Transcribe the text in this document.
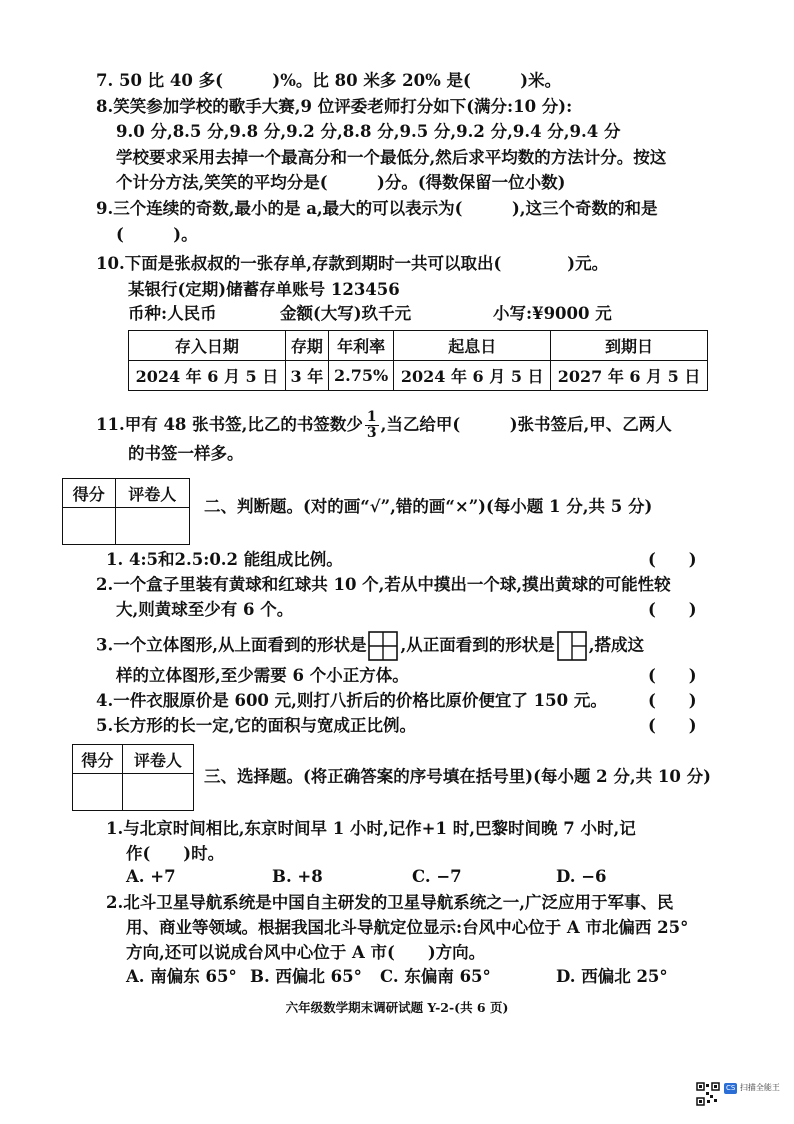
7. 50 比 40 多(　　　)%。比 80 米多 20% 是(　　　)米。
8.笑笑参加学校的歌手大赛,9 位评委老师打分如下(满分:10 分):
9.0 分,8.5 分,9.8 分,9.2 分,8.8 分,9.5 分,9.2 分,9.4 分,9.4 分
学校要求采用去掉一个最高分和一个最低分,然后求平均数的方法计分。按这
个计分方法,笑笑的平均分是(　　　)分。(得数保留一位小数)
9.三个连续的奇数,最小的是 a,最大的可以表示为(　　　),这三个奇数的和是
(　　　)。
10.下面是张叔叔的一张存单,存款到期时一共可以取出(　　　　)元。
某银行(定期)储蓄存单账号 123456
币种:人民币	金额(大写)玖千元	小写:¥9000 元
存入日期	存期	年利率	起息日	到期日
2024 年 6 月 5 日	3 年	2.75%	2024 年 6 月 5 日	2027 年 6 月 5 日
11.甲有 48 张书签,比乙的书签数少 $\frac{1}{3}$ ,当乙给甲(　　　)张书签后,甲、乙两人
的书签一样多。
得分	评卷人

二、判断题。(对的画“√”,错的画“×”)(每小题 1 分,共 5 分)
1. 4:5和2.5:0.2 能组成比例。	(　　)
2.一个盒子里装有黄球和红球共 10 个,若从中摸出一个球,摸出黄球的可能性较
大,则黄球至少有 6 个。	(　　)
3.一个立体图形,从上面看到的形状是 ,从正面看到的形状是 ,搭成这
样的立体图形,至少需要 6 个小正方体。	(　　)
4.一件衣服原价是 600 元,则打八折后的价格比原价便宜了 150 元。 (　　)
5.长方形的长一定,它的面积与宽成正比例。	(　　)
得分	评卷人

三、选择题。(将正确答案的序号填在括号里)(每小题 2 分,共 10 分)
1.与北京时间相比,东京时间早 1 小时,记作+1 时,巴黎时间晚 7 小时,记
作(　　)时。
A. +7	B. +8	C. −7	D. −6
2.北斗卫星导航系统是中国自主研发的卫星导航系统之一,广泛应用于军事、民
用、商业等领域。根据我国北斗导航定位显示:台风中心位于 A 市北偏西 25°
方向,还可以说成台风中心位于 A 市(　　)方向。
A. 南偏东 65° B. 西偏北 65° C. 东偏南 65°	D. 西偏北 25°
六年级数学期末调研试题 Y-2-(共 6 页)
CS 扫描全能王
